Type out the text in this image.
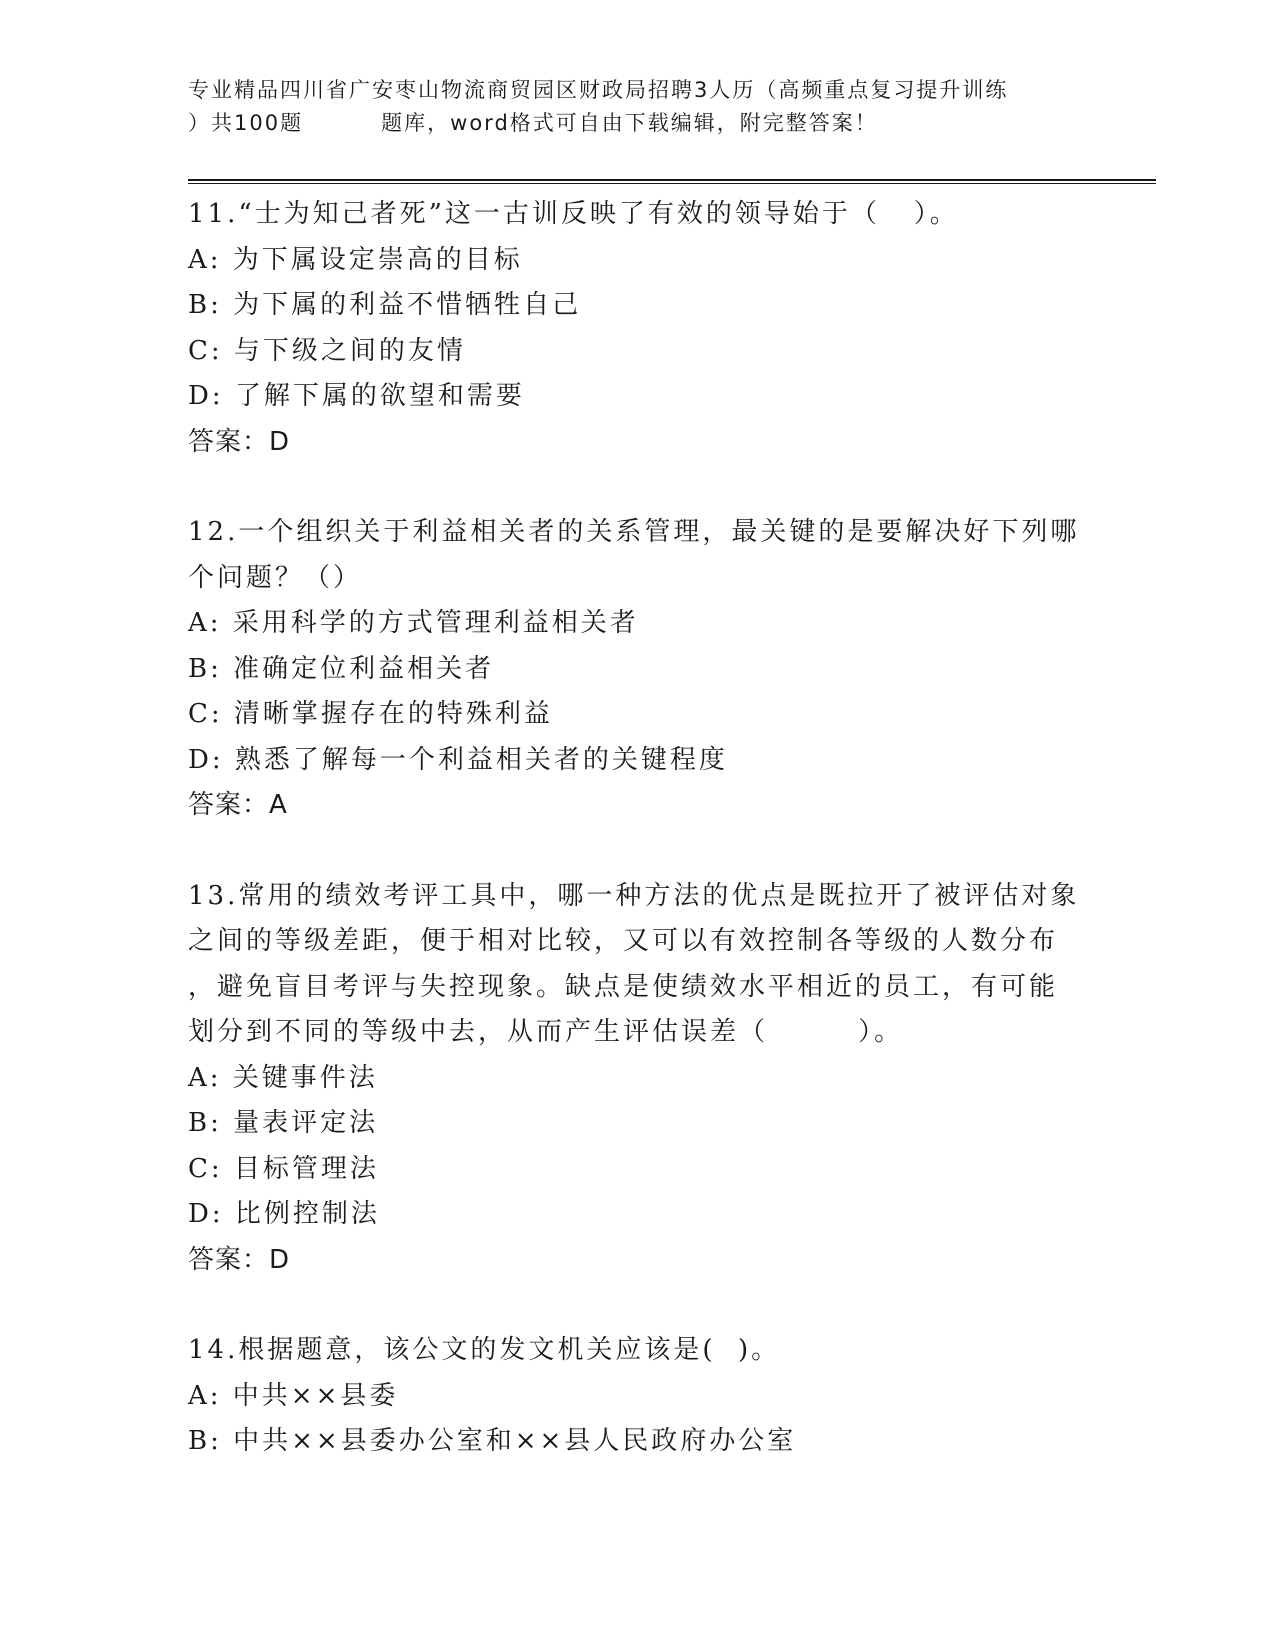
专业精品四川省广安枣山物流商贸园区财政局招聘3人历（高频重点复习提升训练
）共100题         题库，word格式可自由下载编辑，附完整答案！
11.“士为知己者死”这一古训反映了有效的领导始于（   ）。
A: 为下属设定崇高的目标
B: 为下属的利益不惜牺牲自己
C: 与下级之间的友情
D: 了解下属的欲望和需要
答案：D
12.一个组织关于利益相关者的关系管理，最关键的是要解决好下列哪
个问题？（）
A: 采用科学的方式管理利益相关者
B: 准确定位利益相关者
C: 清晰掌握存在的特殊利益
D: 熟悉了解每一个利益相关者的关键程度
答案：A
13.常用的绩效考评工具中，哪一种方法的优点是既拉开了被评估对象
之间的等级差距，便于相对比较，又可以有效控制各等级的人数分布
，避免盲目考评与失控现象。缺点是使绩效水平相近的员工，有可能
划分到不同的等级中去，从而产生评估误差（        ）。
A: 关键事件法
B: 量表评定法
C: 目标管理法
D: 比例控制法
答案：D
14.根据题意，该公文的发文机关应该是(  )。
A: 中共××县委
B: 中共××县委办公室和××县人民政府办公室
